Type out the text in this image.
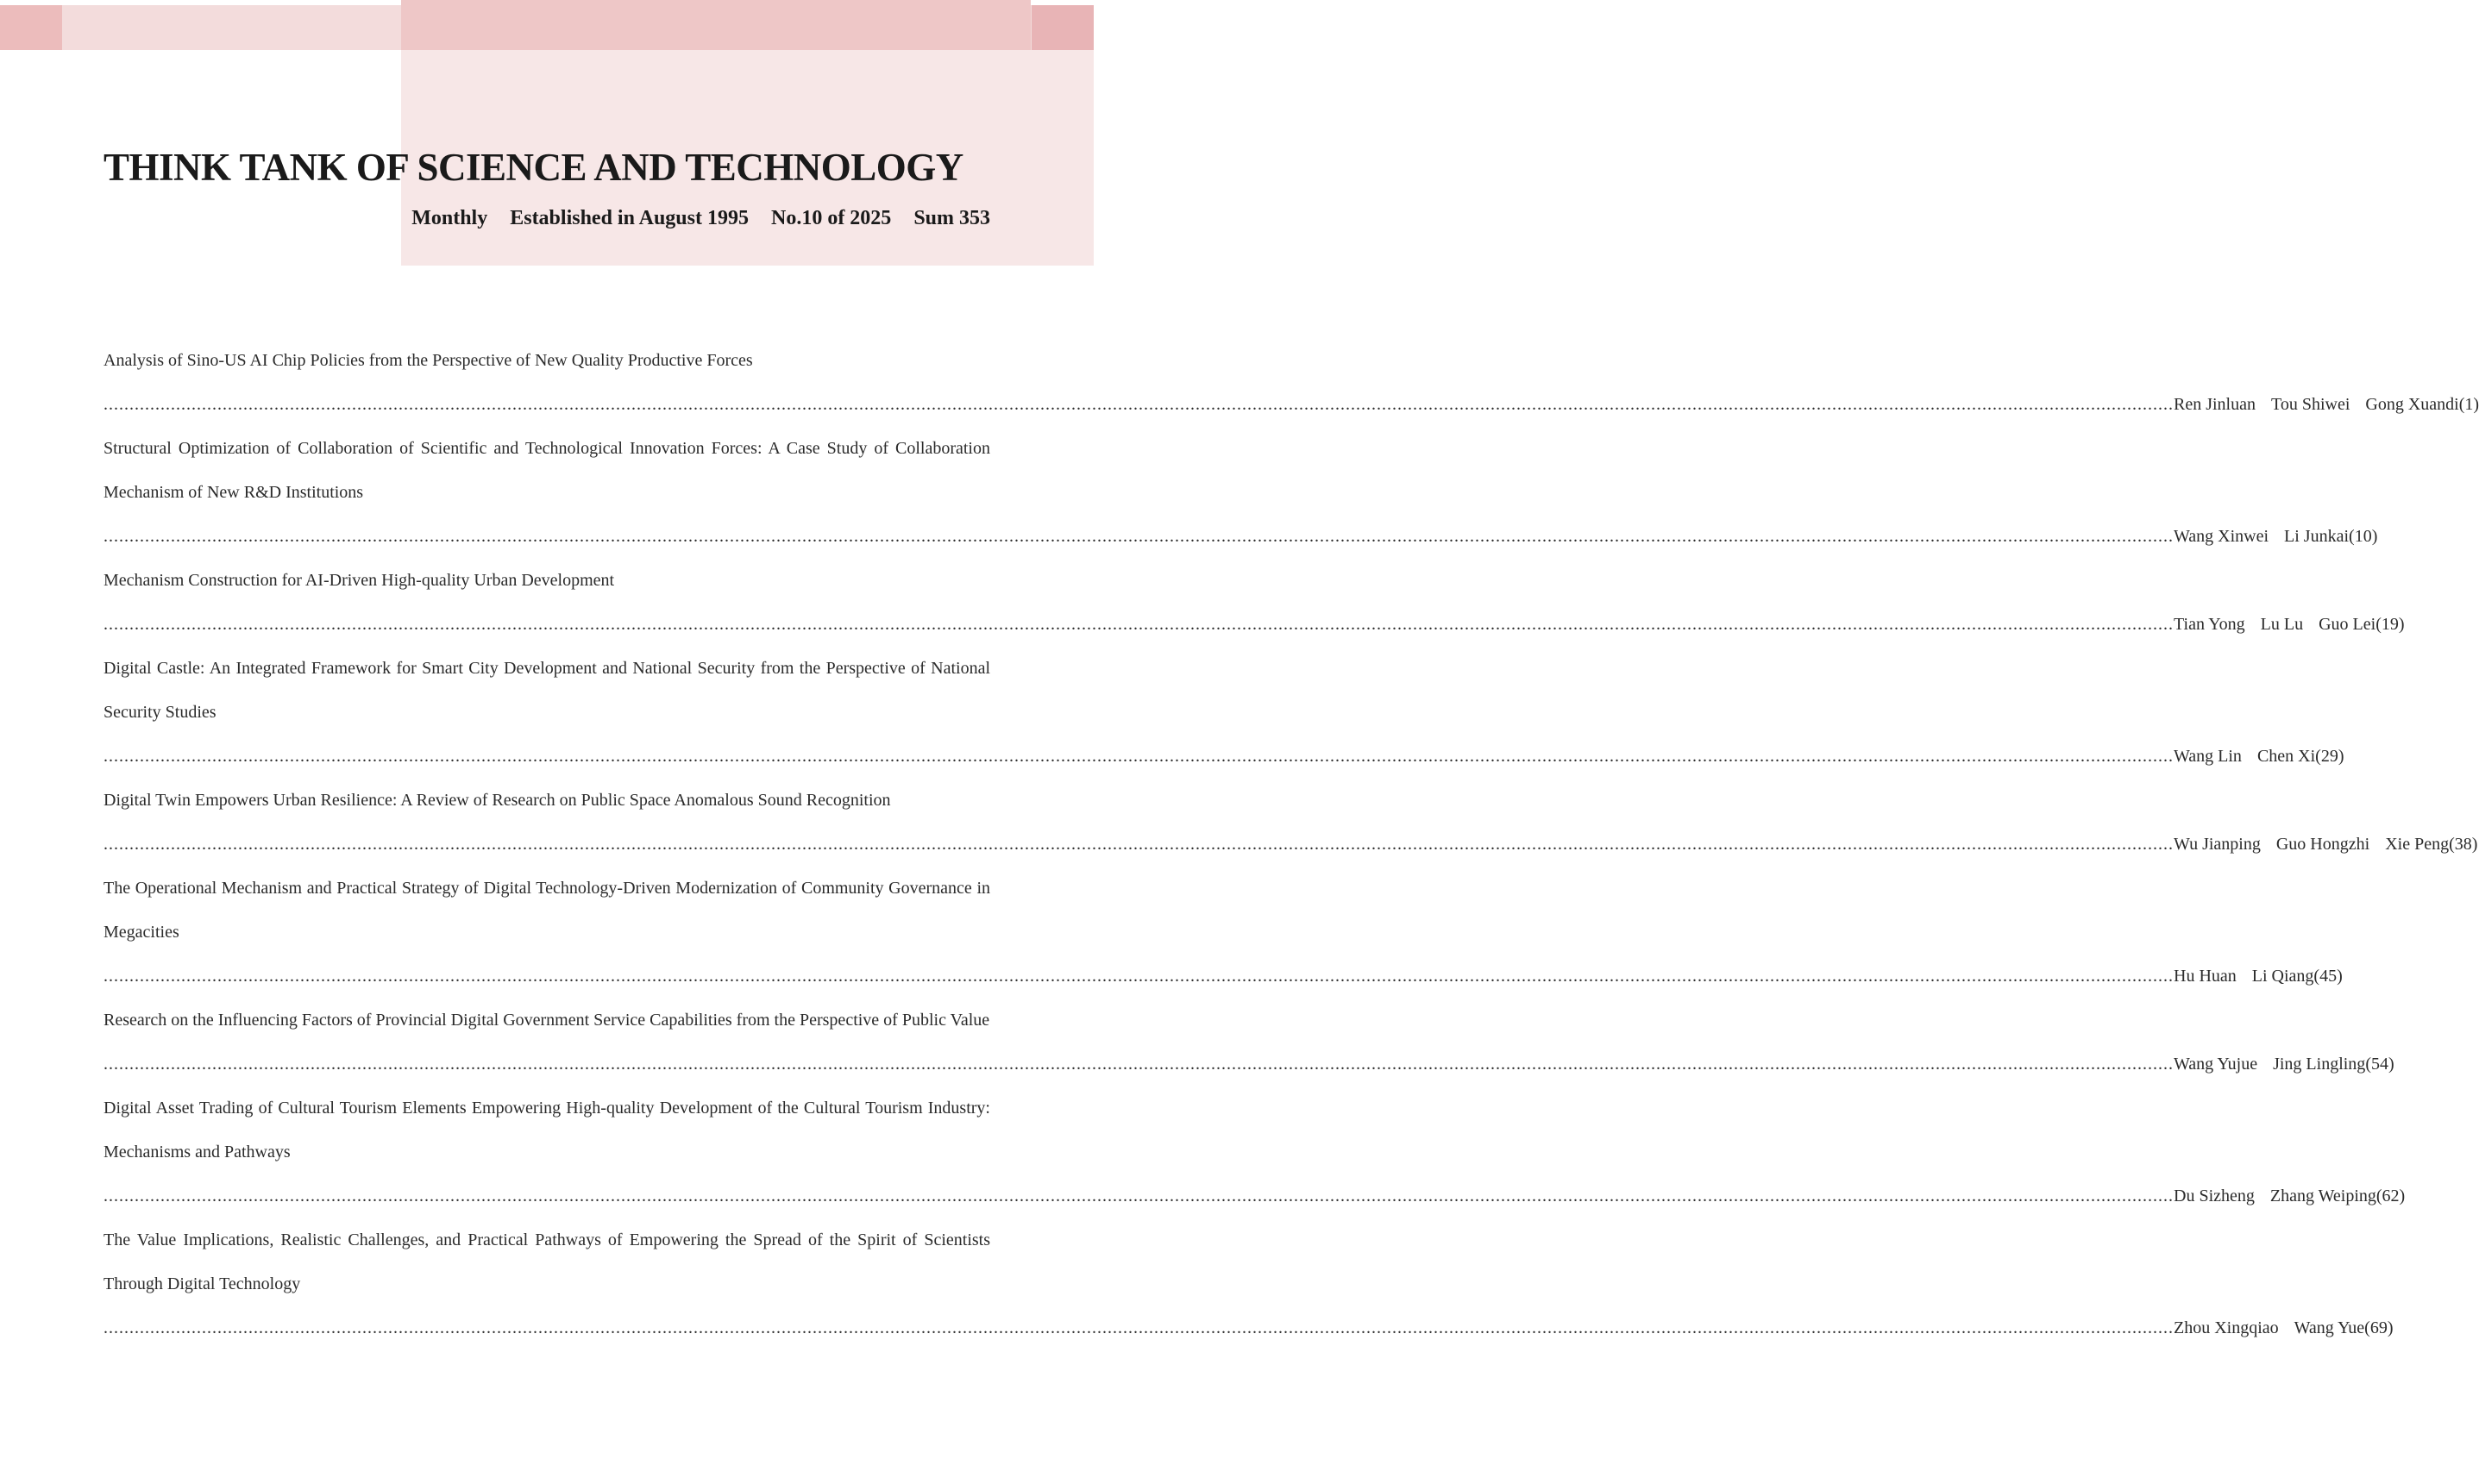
THINK TANK OF SCIENCE AND TECHNOLOGY
Monthly Established in August 1995 No.10 of 2025 Sum 353
Analysis of Sino-US AI Chip Policies from the Perspective of New Quality Productive Forces
................................................................................................................................................................................................................................................................................................................................................................................................................ Ren Jinluan Tou Shiwei Gong Xuandi(1)
Structural Optimization of Collaboration of Scientific and Technological Innovation Forces: A Case Study of Collaboration Mechanism of New R&D Institutions
................................................................................................................................................................................................................................................................................................................................................................................................................ Wang Xinwei Li Junkai(10)
Mechanism Construction for AI-Driven High-quality Urban Development
................................................................................................................................................................................................................................................................................................................................................................................................................ Tian Yong Lu Lu Guo Lei(19)
Digital Castle: An Integrated Framework for Smart City Development and National Security from the Perspective of National Security Studies
................................................................................................................................................................................................................................................................................................................................................................................................................ Wang Lin Chen Xi(29)
Digital Twin Empowers Urban Resilience: A Review of Research on Public Space Anomalous Sound Recognition
................................................................................................................................................................................................................................................................................................................................................................................................................ Wu Jianping Guo Hongzhi Xie Peng(38)
The Operational Mechanism and Practical Strategy of Digital Technology-Driven Modernization of Community Governance in Megacities
................................................................................................................................................................................................................................................................................................................................................................................................................ Hu Huan Li Qiang(45)
Research on the Influencing Factors of Provincial Digital Government Service Capabilities from the Perspective of Public Value
................................................................................................................................................................................................................................................................................................................................................................................................................ Wang Yujue Jing Lingling(54)
Digital Asset Trading of Cultural Tourism Elements Empowering High-quality Development of the Cultural Tourism Industry: Mechanisms and Pathways
................................................................................................................................................................................................................................................................................................................................................................................................................ Du Sizheng Zhang Weiping(62)
The Value Implications, Realistic Challenges, and Practical Pathways of Empowering the Spread of the Spirit of Scientists Through Digital Technology
................................................................................................................................................................................................................................................................................................................................................................................................................ Zhou Xingqiao Wang Yue(69)
